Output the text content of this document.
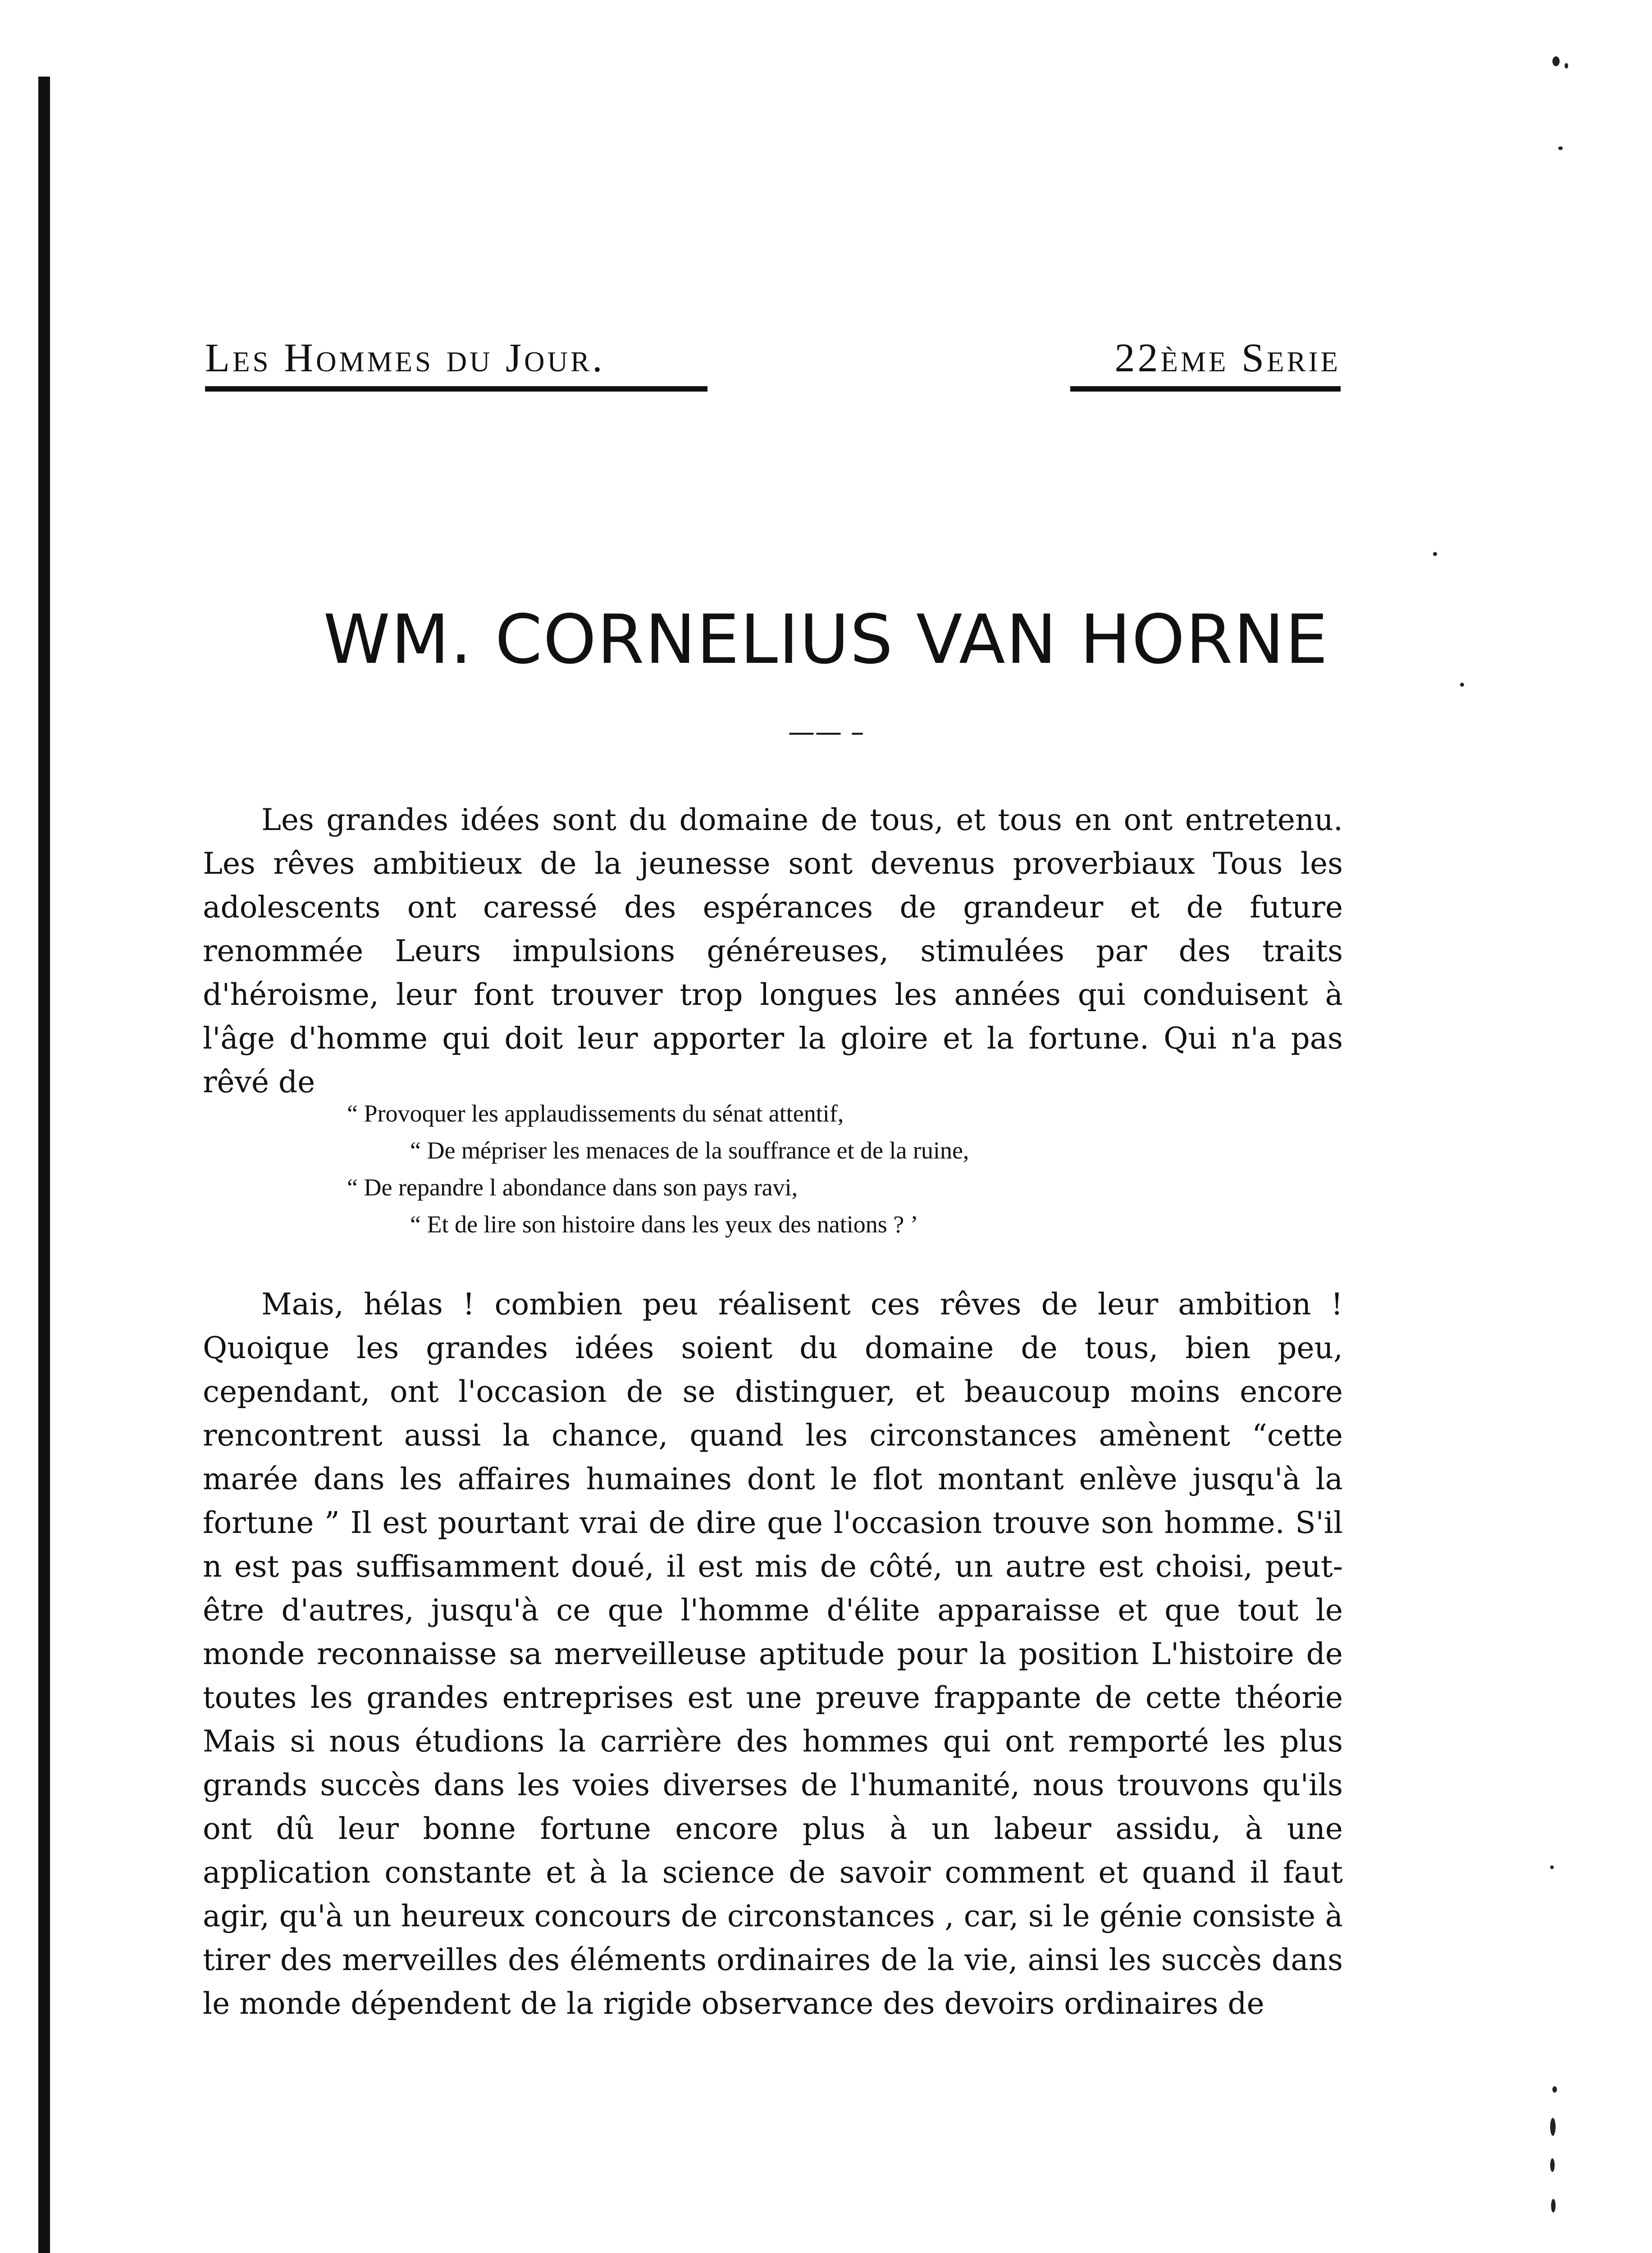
Les Hommes du Jour.	22ème Serie
WM. CORNELIUS VAN HORNE
—— –

Les grandes idées sont du domaine de tous, et tous en ont entretenu. Les rêves ambitieux de la jeunesse sont devenus proverbiaux Tous les adolescents ont caressé des espérances de grandeur et de future renommée Leurs impulsions généreuses, stimulées par des traits d'héroisme, leur font trouver trop longues les années qui conduisent à l'âge d'homme qui doit leur apporter la gloire et la fortune. Qui n'a pas rêvé de

“ Provoquer les applaudissements du sénat attentif,
“ De mépriser les menaces de la souffrance et de la ruine,
“ De repandre l abondance dans son pays ravi,
“ Et de lire son histoire dans les yeux des nations ? ’

Mais, hélas ! combien peu réalisent ces rêves de leur ambition ! Quoique les grandes idées soient du domaine de tous, bien peu, cependant, ont l'occasion de se distinguer, et beaucoup moins encore rencontrent aussi la chance, quand les circonstances amènent “cette marée dans les affaires humaines dont le flot montant enlève jusqu'à la fortune ” Il est pourtant vrai de dire que l'occasion trouve son homme. S'il n est pas suffisamment doué, il est mis de côté, un autre est choisi, peut-être d'autres, jusqu'à ce que l'homme d'élite apparaisse et que tout le monde reconnaisse sa merveilleuse aptitude pour la position L'histoire de toutes les grandes entreprises est une preuve frappante de cette théorie Mais si nous étudions la carrière des hommes qui ont remporté les plus grands succès dans les voies diverses de l'humanité, nous trouvons qu'ils ont dû leur bonne fortune encore plus à un labeur assidu, à une application constante et à la science de savoir comment et quand il faut agir, qu'à un heureux concours de circonstances , car, si le génie consiste à tirer des merveilles des éléments ordinaires de la vie, ainsi les succès dans le monde dépendent de la rigide observance des devoirs ordinaires de
